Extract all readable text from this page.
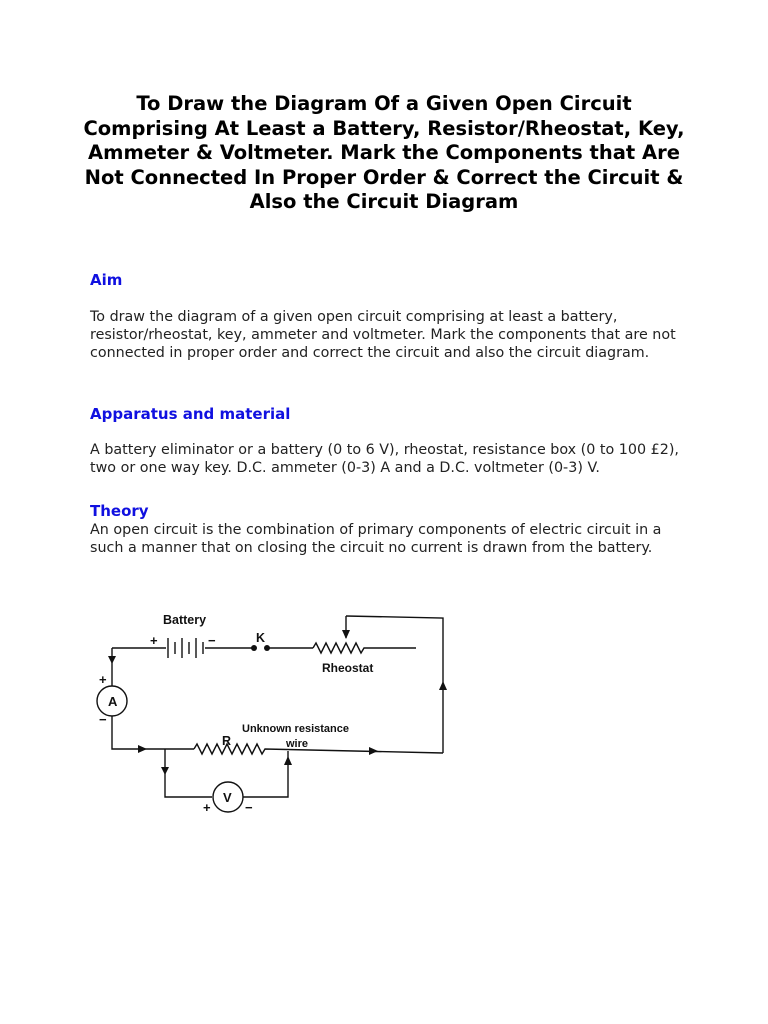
To Draw the Diagram Of a Given Open Circuit Comprising At Least a Battery, Resistor/Rheostat, Key, Ammeter & Voltmeter. Mark the Components that Are Not Connected In Proper Order & Correct the Circuit & Also the Circuit Diagram
Aim

To draw the diagram of a given open circuit comprising at least a battery, resistor/rheostat, key, ammeter and voltmeter. Mark the components that are not connected in proper order and correct the circuit and also the circuit diagram.

Apparatus and material

A battery eliminator or a battery (0 to 6 V), rheostat, resistance box (0 to 100 £2), two or one way key. D.C. ammeter (0-3) A and a D.C. voltmeter (0-3) V.

Theory

An open circuit is the combination of primary components of electric circuit in a such a manner that on closing the circuit no current is drawn from the battery.

Battery
+	−	K
Rheostat
+
A
−
R
Unknown resistance
wire
V
+	−
